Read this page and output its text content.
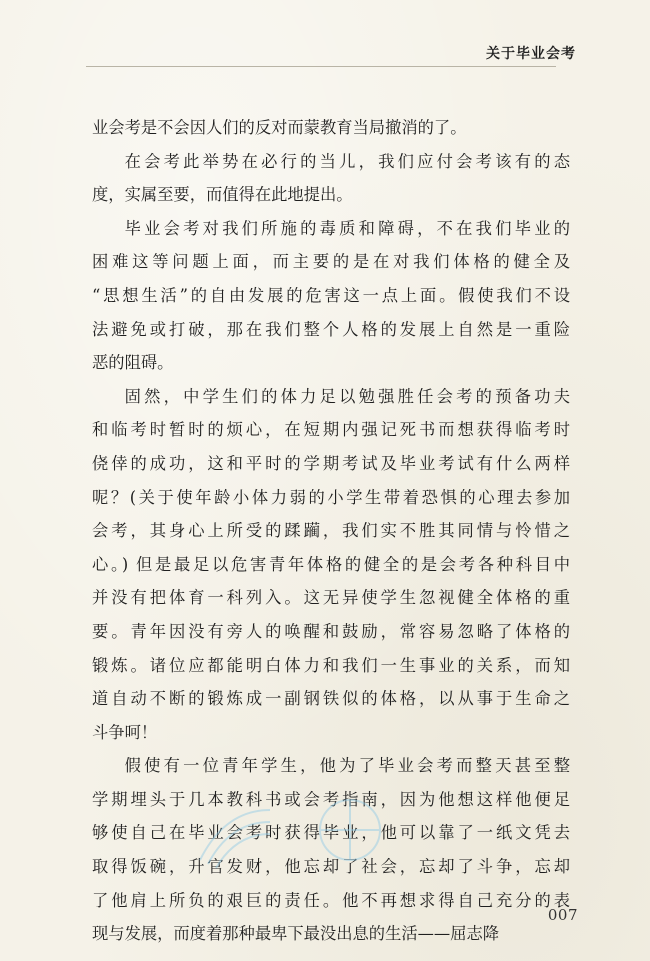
关于毕业会考
业会考是不会因人们的反对而蒙教育当局撤消的了。
在会考此举势在必行的当儿，我们应付会考该有的态
度，实属至要，而值得在此地提出。
毕业会考对我们所施的毒质和障碍，不在我们毕业的
困难这等问题上面，而主要的是在对我们体格的健全及
“思想生活”的自由发展的危害这一点上面。假使我们不设
法避免或打破，那在我们整个人格的发展上自然是一重险
恶的阻碍。
固然，中学生们的体力足以勉强胜任会考的预备功夫
和临考时暂时的烦心，在短期内强记死书而想获得临考时
侥倖的成功，这和平时的学期考试及毕业考试有什么两样
呢？(关于使年龄小体力弱的小学生带着恐惧的心理去参加
会考，其身心上所受的蹂躏，我们实不胜其同情与怜惜之
心。) 但是最足以危害青年体格的健全的是会考各种科目中
并没有把体育一科列入。这无异使学生忽视健全体格的重
要。青年因没有旁人的唤醒和鼓励，常容易忽略了体格的
锻炼。诸位应都能明白体力和我们一生事业的关系，而知
道自动不断的锻炼成一副钢铁似的体格，以从事于生命之
斗争呵！
假使有一位青年学生，他为了毕业会考而整天甚至整
学期埋头于几本教科书或会考指南，因为他想这样他便足
够使自己在毕业会考时获得毕业，他可以靠了一纸文凭去
取得饭碗，升官发财，他忘却了社会，忘却了斗争，忘却
了他肩上所负的艰巨的责任。他不再想求得自己充分的表
现与发展，而度着那种最卑下最没出息的生活——屈志降
007
